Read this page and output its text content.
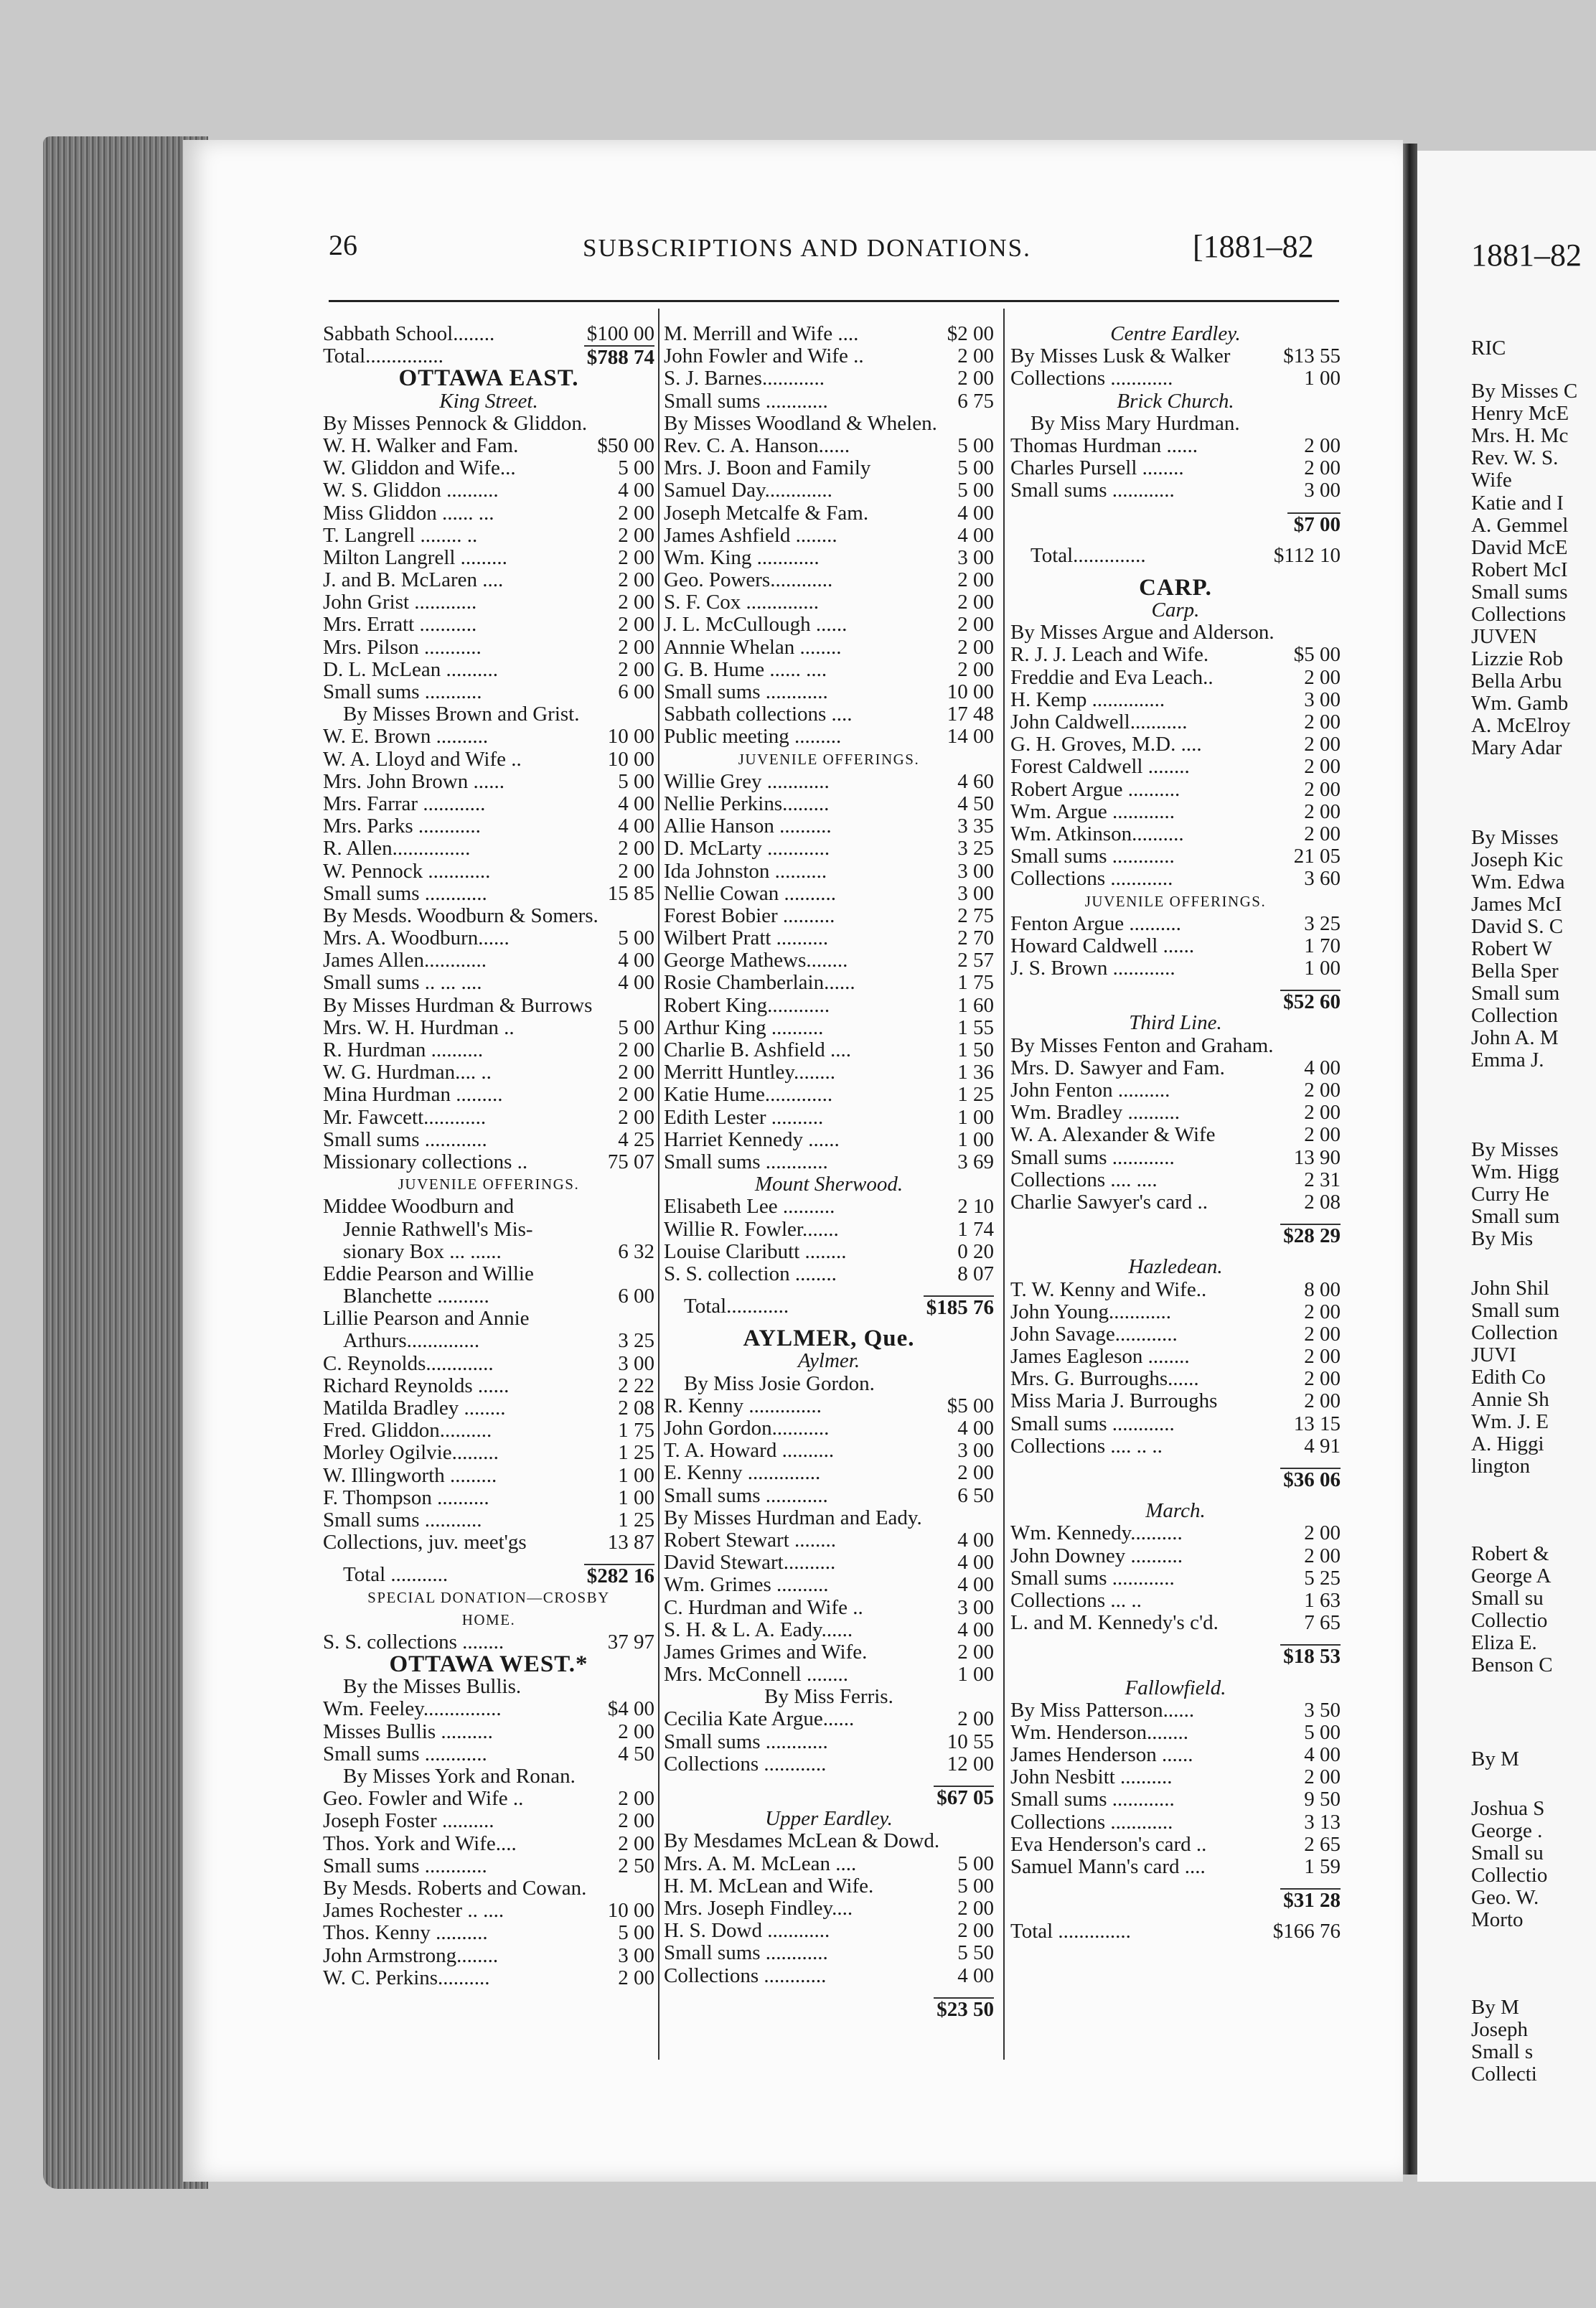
26	SUBSCRIPTIONS AND DONATIONS.	[1881–82
Sabbath School........	$100 00
Total...............	$788 74
OTTAWA EAST.
King Street.
By Misses Pennock & Gliddon.
W. H. Walker and Fam.	$50 00
W. Gliddon and Wife...	5 00
W. S. Gliddon ..........	4 00
Miss Gliddon ...... ...	2 00
T. Langrell ........ ..	2 00
Milton Langrell .........	2 00
J. and B. McLaren ....	2 00
John Grist ............	2 00
Mrs. Erratt ...........	2 00
Mrs. Pilson ...........	2 00
D. L. McLean ..........	2 00
Small sums ...........	6 00
By Misses Brown and Grist.
W. E. Brown ..........	10 00
W. A. Lloyd and Wife ..	10 00
Mrs. John Brown ......	5 00
Mrs. Farrar ............	4 00
Mrs. Parks ............	4 00
R. Allen...............	2 00
W. Pennock ............	2 00
Small sums ............	15 85
By Mesds. Woodburn & Somers.
Mrs. A. Woodburn......	5 00
James Allen............	4 00
Small sums .. ... ....	4 00
By Misses Hurdman & Burrows
Mrs. W. H. Hurdman ..	5 00
R. Hurdman ..........	2 00
W. G. Hurdman.... ..	2 00
Mina Hurdman .........	2 00
Mr. Fawcett............	2 00
Small sums ............	4 25
Missionary collections ..	75 07
JUVENILE OFFERINGS.
Middee Woodburn and
Jennie Rathwell's Mis-
sionary Box ... ......	6 32
Eddie Pearson and Willie
Blanchette ..........	6 00
Lillie Pearson and Annie
Arthurs..............	3 25
C. Reynolds.............	3 00
Richard Reynolds ......	2 22
Matilda Bradley ........	2 08
Fred. Gliddon..........	1 75
Morley Ogilvie.........	1 25
W. Illingworth .........	1 00
F. Thompson ..........	1 00
Small sums ...........	1 25
Collections, juv. meet'gs	13 87
Total ...........	$282 16
SPECIAL DONATION—CROSBY
HOME.
S. S. collections ........	37 97
OTTAWA WEST.*
By the Misses Bullis.
Wm. Feeley...............	$4 00
Misses Bullis ..........	2 00
Small sums ............	4 50
By Misses York and Ronan.
Geo. Fowler and Wife ..	2 00
Joseph Foster ..........	2 00
Thos. York and Wife....	2 00
Small sums ............	2 50
By Mesds. Roberts and Cowan.
James Rochester .. ....	10 00
Thos. Kenny ..........	5 00
John Armstrong........	3 00
W. C. Perkins..........	2 00
M. Merrill and Wife ....	$2 00
John Fowler and Wife ..	2 00
S. J. Barnes............	2 00
Small sums ............	6 75
By Misses Woodland & Whelen.
Rev. C. A. Hanson......	5 00
Mrs. J. Boon and Family	5 00
Samuel Day.............	5 00
Joseph Metcalfe & Fam.	4 00
James Ashfield ........	4 00
Wm. King ............	3 00
Geo. Powers............	2 00
S. F. Cox ..............	2 00
J. L. McCullough ......	2 00
Annnie Whelan ........	2 00
G. B. Hume ...... ....	2 00
Small sums ............	10 00
Sabbath collections ....	17 48
Public meeting .........	14 00
JUVENILE OFFERINGS.
Willie Grey ............	4 60
Nellie Perkins.........	4 50
Allie Hanson ..........	3 35
D. McLarty ............	3 25
Ida Johnston ..........	3 00
Nellie Cowan ..........	3 00
Forest Bobier ..........	2 75
Wilbert Pratt ..........	2 70
George Mathews........	2 57
Rosie Chamberlain......	1 75
Robert King............	1 60
Arthur King ..........	1 55
Charlie B. Ashfield ....	1 50
Merritt Huntley........	1 36
Katie Hume.............	1 25
Edith Lester ..........	1 00
Harriet Kennedy ......	1 00
Small sums ............	3 69
Mount Sherwood.
Elisabeth Lee ..........	2 10
Willie R. Fowler.......	1 74
Louise Claributt ........	0 20
S. S. collection ........	8 07
Total............	$185 76
AYLMER, Que.
Aylmer.
By Miss Josie Gordon.
R. Kenny ..............	$5 00
John Gordon...........	4 00
T. A. Howard ..........	3 00
E. Kenny ..............	2 00
Small sums ............	6 50
By Misses Hurdman and Eady.
Robert Stewart ........	4 00
David Stewart..........	4 00
Wm. Grimes ..........	4 00
C. Hurdman and Wife ..	3 00
S. H. & L. A. Eady......	4 00
James Grimes and Wife.	2 00
Mrs. McConnell ........	1 00
By Miss Ferris.
Cecilia Kate Argue......	2 00
Small sums ............	10 55
Collections ............	12 00
$67 05
Upper Eardley.
By Mesdames McLean & Dowd.
Mrs. A. M. McLean ....	5 00
H. M. McLean and Wife.	5 00
Mrs. Joseph Findley....	2 00
H. S. Dowd ............	2 00
Small sums ............	5 50
Collections ............	4 00
$23 50
Centre Eardley.
By Misses Lusk & Walker	$13 55
Collections ............	1 00
Brick Church.
By Miss Mary Hurdman.
Thomas Hurdman ......	2 00
Charles Pursell ........	2 00
Small sums ............	3 00
$7 00
Total..............	$112 10
CARP.
Carp.
By Misses Argue and Alderson.
R. J. J. Leach and Wife.	$5 00
Freddie and Eva Leach..	2 00
H. Kemp ..............	3 00
John Caldwell...........	2 00
G. H. Groves, M.D. ....	2 00
Forest Caldwell ........	2 00
Robert Argue ..........	2 00
Wm. Argue ............	2 00
Wm. Atkinson..........	2 00
Small sums ............	21 05
Collections ............	3 60
JUVENILE OFFERINGS.
Fenton Argue ..........	3 25
Howard Caldwell ......	1 70
J. S. Brown ............	1 00
$52 60
Third Line.
By Misses Fenton and Graham.
Mrs. D. Sawyer and Fam.	4 00
John Fenton ..........	2 00
Wm. Bradley ..........	2 00
W. A. Alexander & Wife	2 00
Small sums ............	13 90
Collections .... ....	2 31
Charlie Sawyer's card ..	2 08
$28 29
Hazledean.
T. W. Kenny and Wife..	8 00
John Young............	2 00
John Savage............	2 00
James Eagleson ........	2 00
Mrs. G. Burroughs......	2 00
Miss Maria J. Burroughs	2 00
Small sums ............	13 15
Collections .... .. ..	4 91
$36 06
March.
Wm. Kennedy..........	2 00
John Downey ..........	2 00
Small sums ............	5 25
Collections ... ..	1 63
L. and M. Kennedy's c'd.	7 65
$18 53
Fallowfield.
By Miss Patterson......	3 50
Wm. Henderson........	5 00
James Henderson ......	4 00
John Nesbitt ..........	2 00
Small sums ............	9 50
Collections ............	3 13
Eva Henderson's card ..	2 65
Samuel Mann's card ....	1 59
$31 28
Total ..............	$166 76
1881–82
RIC
By Misses C
Henry McE
Mrs. H. Mc
Rev. W. S.
Wife
Katie and I
A. Gemmel
David McE
Robert McI
Small sums
Collections
JUVEN
Lizzie Rob
Bella Arbu
Wm. Gamb
A. McElroy
Mary Adar
By Misses
Joseph Kic
Wm. Edwa
James McI
David S. C
Robert W
Bella Sper
Small sum
Collection
John A. M
Emma J.
By Misses
Wm. Higg
Curry He
Small sum
By Mis
John Shil
Small sum
Collection
JUVI
Edith Co
Annie Sh
Wm. J. E
A. Higgi
lington
Robert &
George A
Small su
Collectio
Eliza E.
Benson C
By M
Joshua S
George .
Small su
Collectio
Geo. W.
Morto
By M
Joseph
Small s
Collecti
